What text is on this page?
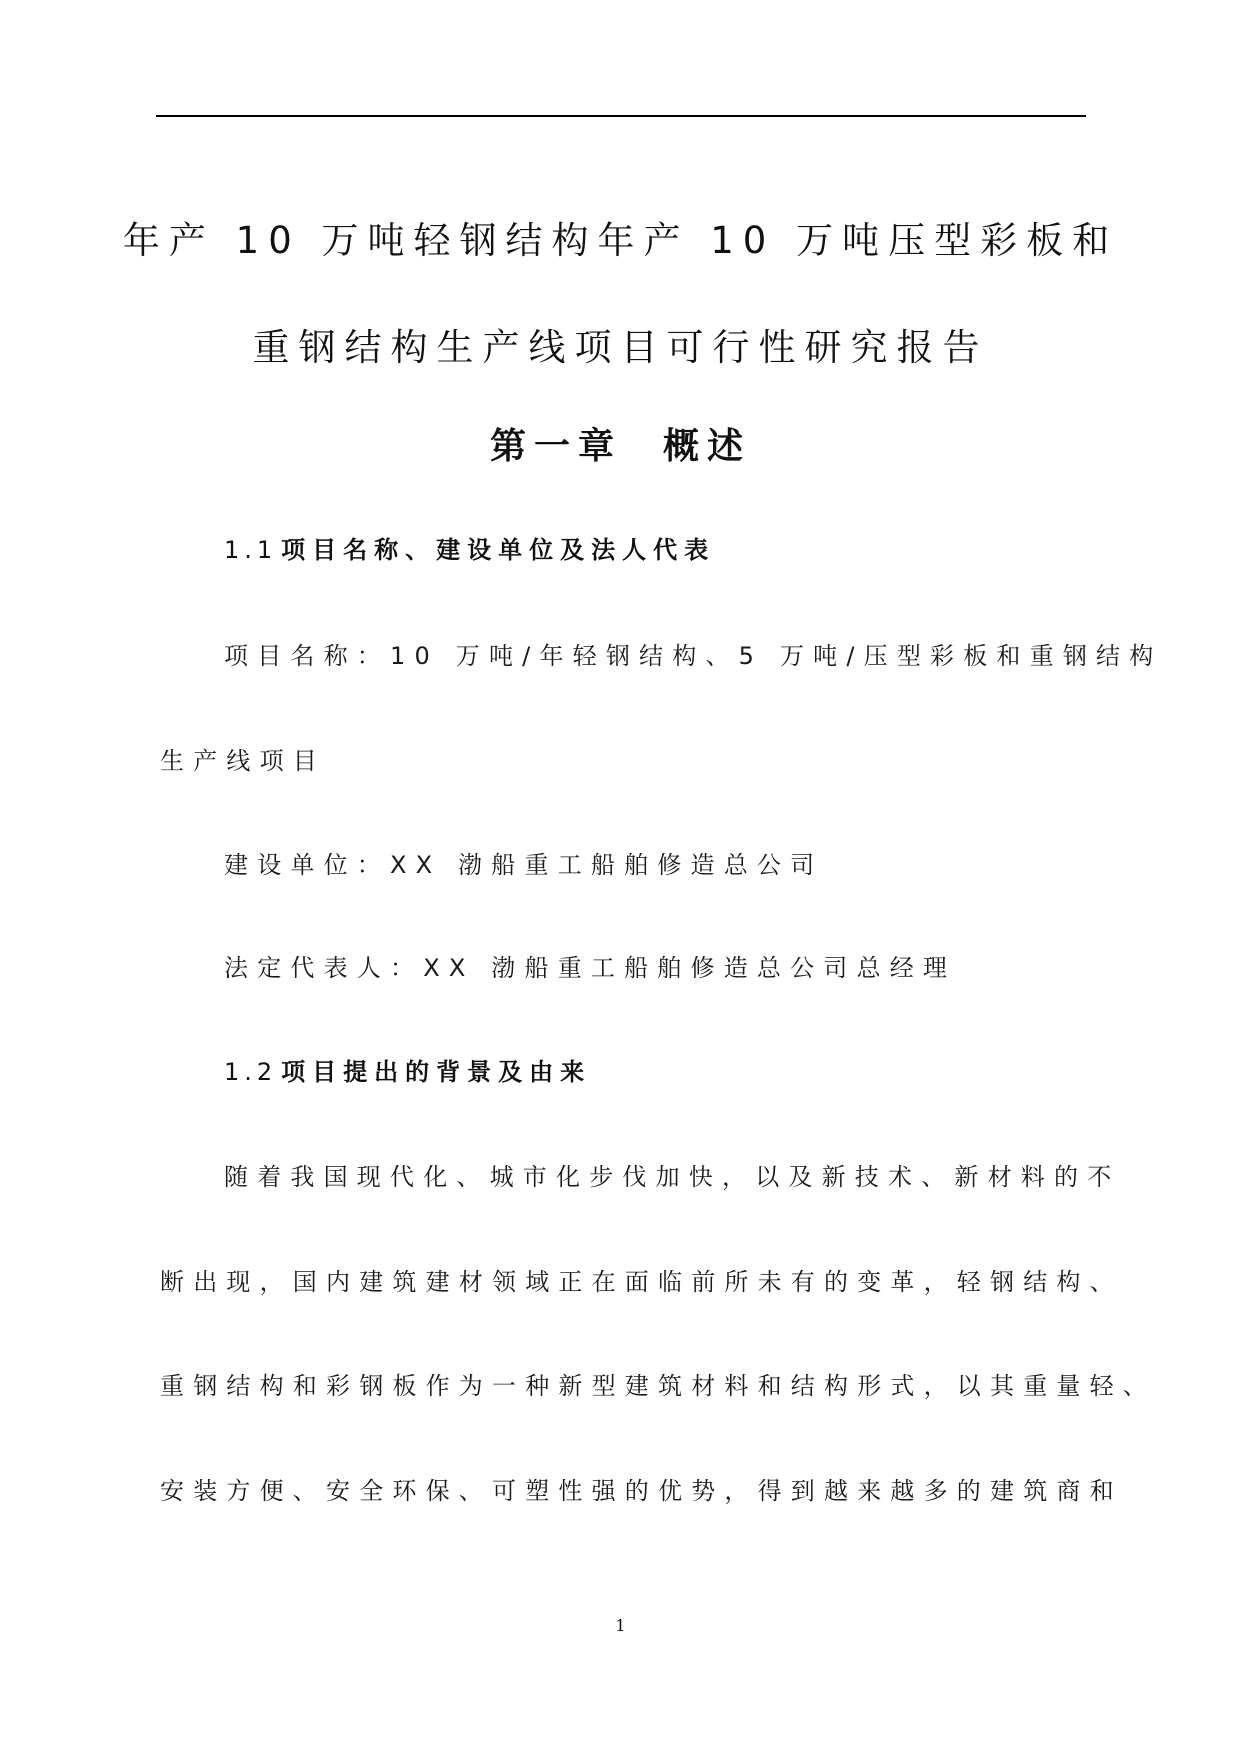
年产 10 万吨轻钢结构年产 10 万吨压型彩板和
重钢结构生产线项目可行性研究报告
第一章  概述
1.1 项目名称、建设单位及法人代表
项目名称：10 万吨/年轻钢结构、5 万吨/压型彩板和重钢结构
生产线项目
建设单位：XX 渤船重工船舶修造总公司
法定代表人：XX 渤船重工船舶修造总公司总经理
1.2 项目提出的背景及由来
随着我国现代化、城市化步伐加快，以及新技术、新材料的不
断出现，国内建筑建材领域正在面临前所未有的变革，轻钢结构、
重钢结构和彩钢板作为一种新型建筑材料和结构形式，以其重量轻、
安装方便、安全环保、可塑性强的优势，得到越来越多的建筑商和
1
